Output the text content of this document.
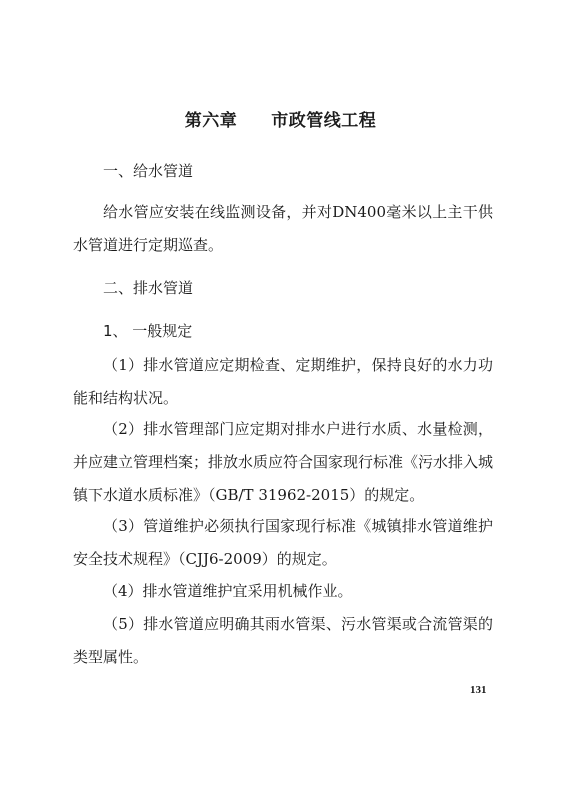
第六章 市政管线工程
一、给水管道
给水管应安装在线监测设备，并对DN400毫米以上主干供水管道进行定期巡查。
二、排水管道
1、 一般规定
（1）排水管道应定期检查、定期维护，保持良好的水力功能和结构状况。
（2）排水管理部门应定期对排水户进行水质、水量检测，并应建立管理档案；排放水质应符合国家现行标准《污水排入城镇下水道水质标准》（GB/T 31962-2015）的规定。
（3）管道维护必须执行国家现行标准《城镇排水管道维护安全技术规程》（CJJ6-2009）的规定。
（4）排水管道维护宜采用机械作业。
（5）排水管道应明确其雨水管渠、污水管渠或合流管渠的类型属性。
131
